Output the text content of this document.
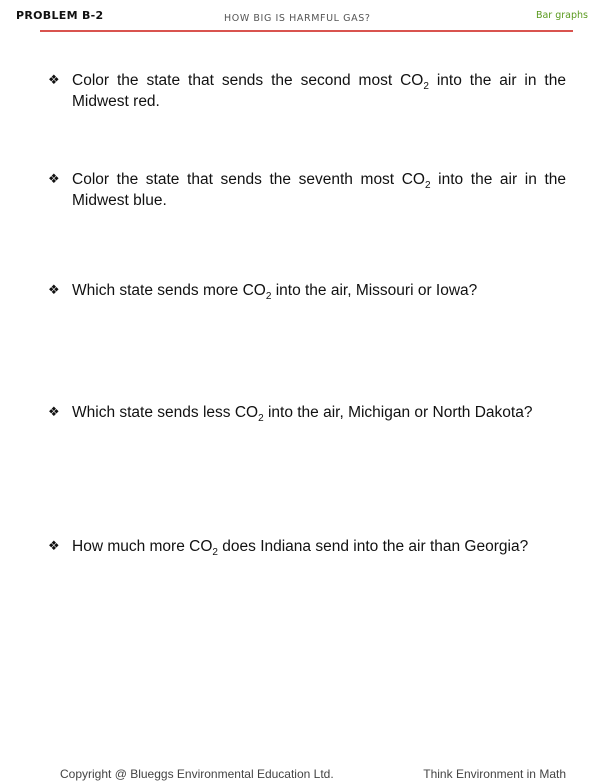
PROBLEM B-2	HOW BIG IS HARMFUL GAS?	Bar graphs
❖ Color the state that sends the second most $CO_2$ into the air in the Midwest red.
❖ Color the state that sends the seventh most $CO_2$ into the air in the Midwest blue.
❖ Which state sends more $CO_2$ into the air, Missouri or Iowa?
❖ Which state sends less $CO_2$ into the air, Michigan or North Dakota?
❖ How much more $CO_2$ does Indiana send into the air than Georgia?
Copyright @ Blueggs Environmental Education Ltd.	Think Environment in Math
